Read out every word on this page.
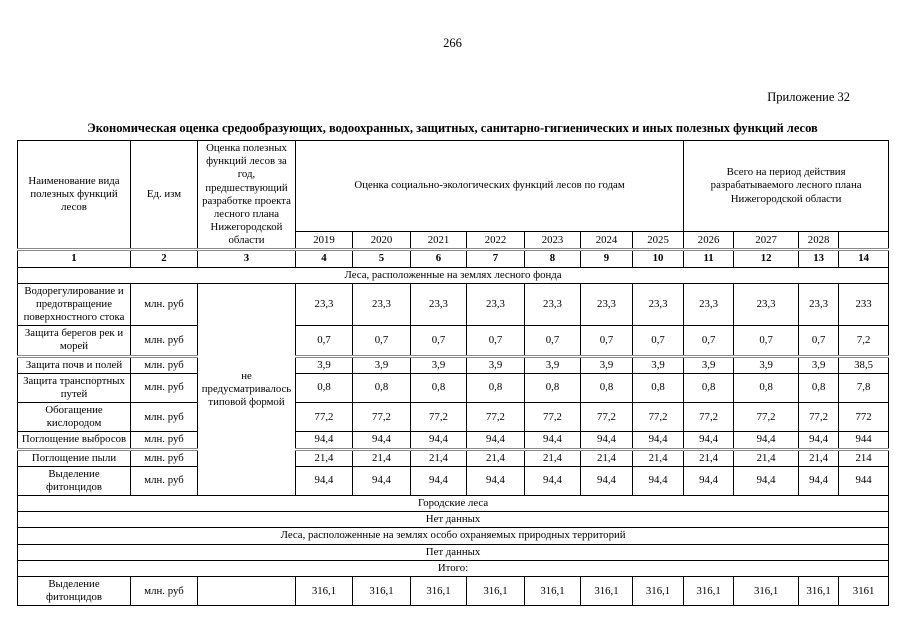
266
Приложение 32
Экономическая оценка средообразующих, водоохранных, защитных, санитарно-гигиенических и иных полезных функций лесов
Наименование вида полезных функций лесов	Ед. изм	Оценка полезных функций лесов за год, предшествующий разработке проекта лесного плана Нижегородской области	Оценка социально-экологических функций лесов по годам							Всего на период действия разрабатываемого лесного плана Нижегородской области			
			2019	2020	2021	2022	2023	2024	2025	2026	2027	2028	
1	2	3	4	5	6	7	8	9	10	11	12	13	14
Леса, расположенные на землях лесного фонда													
Водорегулирование и предотвращение поверхностного стока	млн. руб	не предусматривалось типовой формой	23,3	23,3	23,3	23,3	23,3	23,3	23,3	23,3	23,3	23,3	233
Защита берегов рек и морей	млн. руб		0,7	0,7	0,7	0,7	0,7	0,7	0,7	0,7	0,7	0,7	7,2
Защита почв и полей	млн. руб		3,9	3,9	3,9	3,9	3,9	3,9	3,9	3,9	3,9	3,9	38,5
Защита транспортных путей	млн. руб		0,8	0,8	0,8	0,8	0,8	0,8	0,8	0,8	0,8	0,8	7,8
Обогащение кислородом	млн. руб		77,2	77,2	77,2	77,2	77,2	77,2	77,2	77,2	77,2	77,2	772
Поглощение выбросов	млн. руб		94,4	94,4	94,4	94,4	94,4	94,4	94,4	94,4	94,4	94,4	944
Поглощение пыли	млн. руб		21,4	21,4	21,4	21,4	21,4	21,4	21,4	21,4	21,4	21,4	214
Выделение фитонцидов	млн. руб		94,4	94,4	94,4	94,4	94,4	94,4	94,4	94,4	94,4	94,4	944
Городские леса													
Нет данных													
Леса, расположенные на землях особо охраняемых природных территорий													
Пет данных													
Итого:													
Выделение фитонцидов	млн. руб		316,1	316,1	316,1	316,1	316,1	316,1	316,1	316,1	316,1	316,1	3161
